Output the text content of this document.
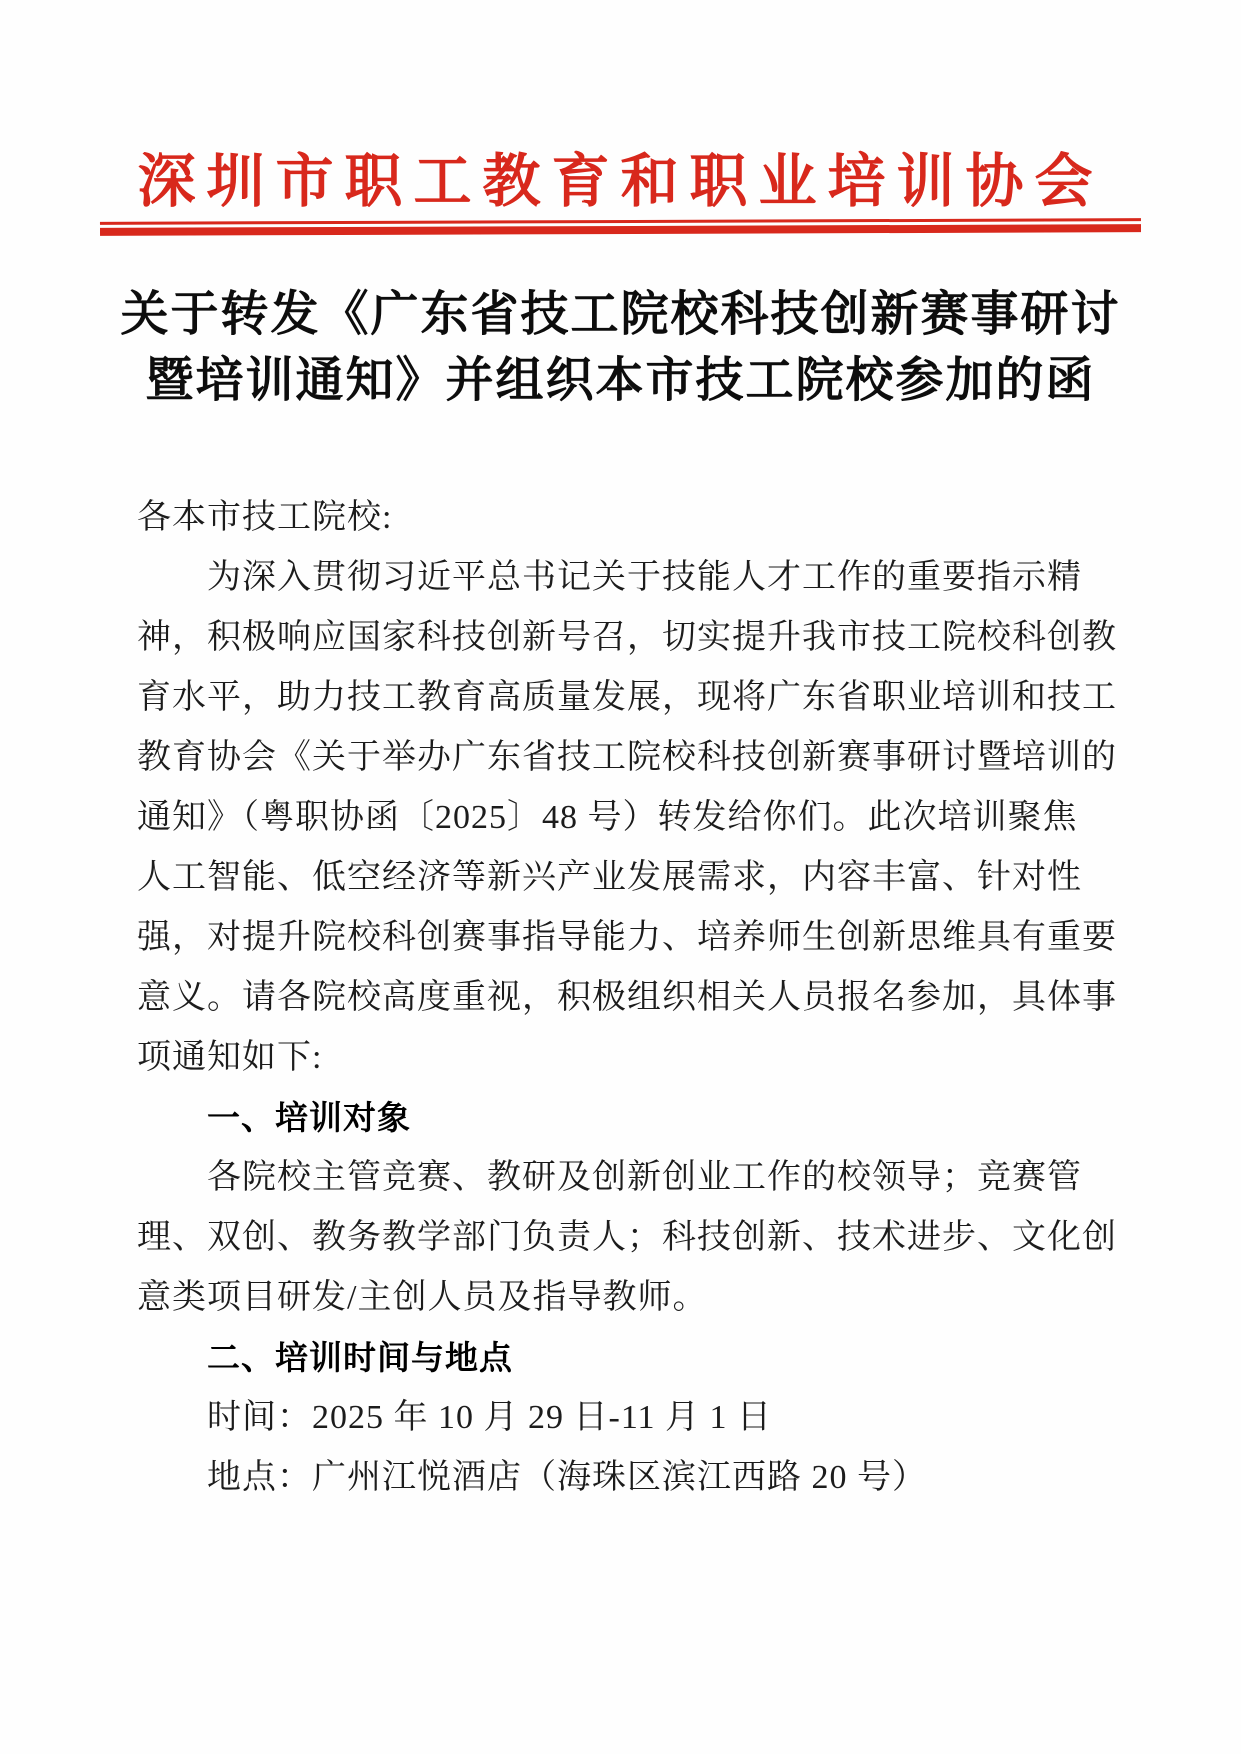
深圳市职工教育和职业培训协会
关于转发《广东省技工院校科技创新赛事研讨
暨培训通知》并组织本市技工院校参加的函
各本市技工院校:
为深入贯彻习近平总书记关于技能人才工作的重要指示精
神，积极响应国家科技创新号召，切实提升我市技工院校科创教
育水平，助力技工教育高质量发展，现将广东省职业培训和技工
教育协会《关于举办广东省技工院校科技创新赛事研讨暨培训的
通知》（粤职协函〔2025〕48 号）转发给你们。此次培训聚焦
人工智能、低空经济等新兴产业发展需求，内容丰富、针对性
强，对提升院校科创赛事指导能力、培养师生创新思维具有重要
意义。请各院校高度重视，积极组织相关人员报名参加，具体事
项通知如下:
一、培训对象
各院校主管竞赛、教研及创新创业工作的校领导；竞赛管
理、双创、教务教学部门负责人；科技创新、技术进步、文化创
意类项目研发/主创人员及指导教师。
二、培训时间与地点
时间：2025 年 10 月 29 日-11 月 1 日
地点：广州江悦酒店（海珠区滨江西路 20 号）
